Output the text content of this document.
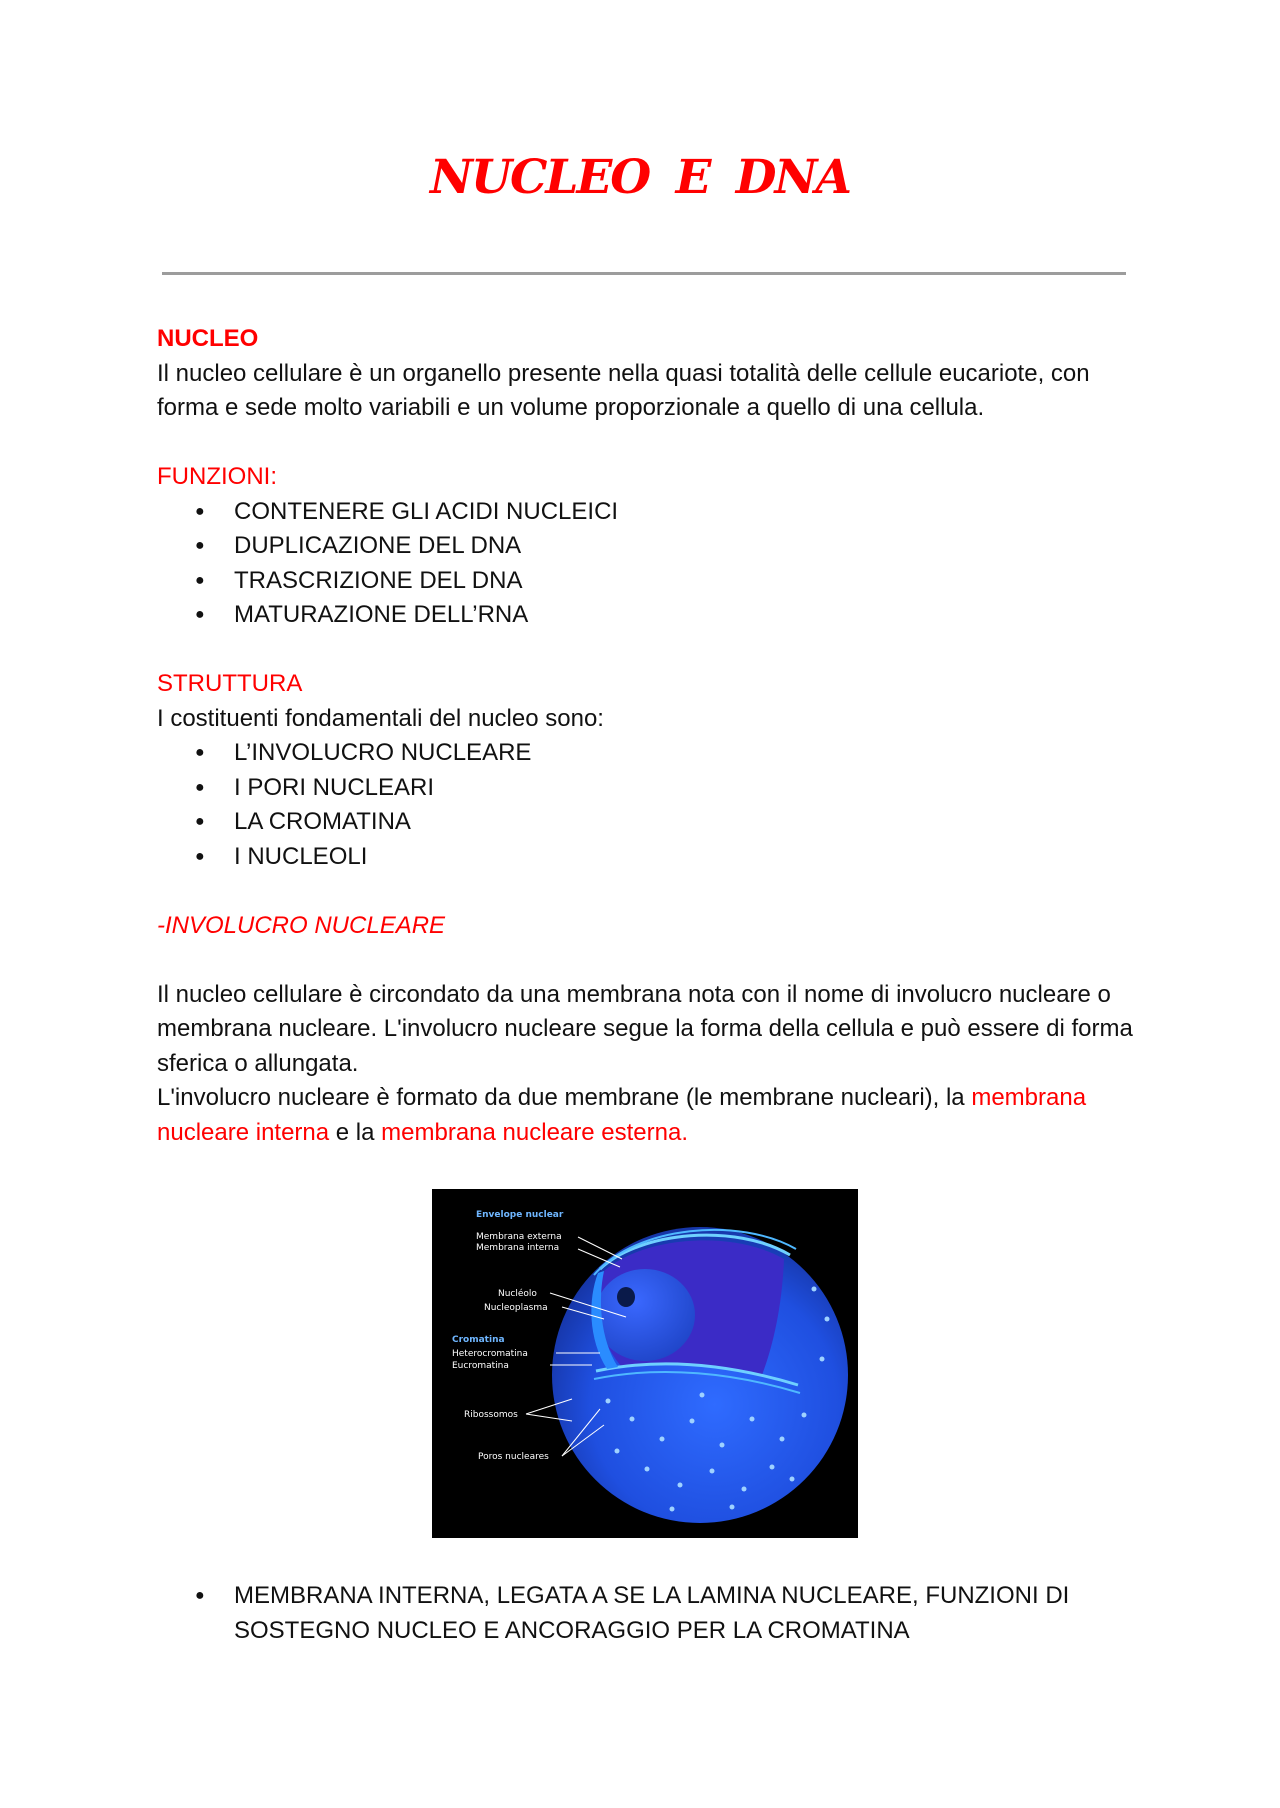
NUCLEO E DNA

NUCLEO

Il nucleo cellulare è un organello presente nella quasi totalità delle cellule eucariote, con forma e sede molto variabili e un volume proporzionale a quello di una cellula.

FUNZIONI:

● CONTENERE GLI ACIDI NUCLEICI
● DUPLICAZIONE DEL DNA
● TRASCRIZIONE DEL DNA
● MATURAZIONE DELL’RNA

STRUTTURA

I costituenti fondamentali del nucleo sono:

● L’INVOLUCRO NUCLEARE
● I PORI NUCLEARI
● LA CROMATINA
● I NUCLEOLI

-INVOLUCRO NUCLEARE

Il nucleo cellulare è circondato da una membrana nota con il nome di involucro nucleare o membrana nucleare. L'involucro nucleare segue la forma della cellula e può essere di forma sferica o allungata.

L'involucro nucleare è formato da due membrane (le membrane nucleari), la membrana nucleare interna e la membrana nucleare esterna.

Envelope nuclear
Membrana externa
Membrana interna
Nucléolo
Nucleoplasma
Cromatina
Heterocromatina
Eucromatina
Ribossomos
Poros nucleares
● MEMBRANA INTERNA, LEGATA A SE LA LAMINA NUCLEARE, FUNZIONI DI SOSTEGNO NUCLEO E ANCORAGGIO PER LA CROMATINA
